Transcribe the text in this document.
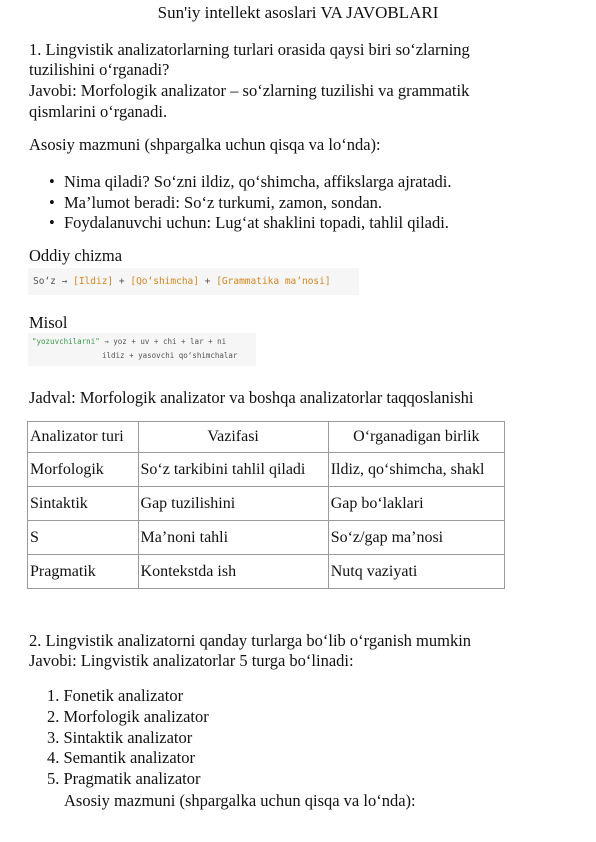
Sun'iy intellekt asoslari VA JAVOBLARI
1. Lingvistik analizatorlarning turlari orasida qaysi biri so‘zlarning
tuzilishini o‘rganadi?
Javobi: Morfologik analizator – so‘zlarning tuzilishi va grammatik
qismlarini o‘rganadi.
Asosiy mazmuni (shpargalka uchun qisqa va lo‘nda):
• Nima qiladi? So‘zni ildiz, qo‘shimcha, affikslarga ajratadi.
• Ma’lumot beradi: So‘z turkumi, zamon, sondan.
• Foydalanuvchi uchun: Lug‘at shaklini topadi, tahlil qiladi.
Oddiy chizma
So‘z → [Ildiz] + [Qo‘shimcha] + [Grammatika ma’nosi]
Misol
"yozuvchilarni" → yoz + uv + chi + lar + ni
ildiz + yasovchi qo‘shimchalar
Jadval: Morfologik analizator va boshqa analizatorlar taqqoslanishi
Analizator turi	Vazifasi	O‘rganadigan birlik
Morfologik	So‘z tarkibini tahlil qiladi	Ildiz, qo‘shimcha, shakl
Sintaktik	Gap tuzilishini	Gap bo‘laklari
S	Ma’noni tahli	So‘z/gap ma’nosi
Pragmatik	Kontekstda ish	Nutq vaziyati
2. Lingvistik analizatorni qanday turlarga bo‘lib o‘rganish mumkin
Javobi: Lingvistik analizatorlar 5 turga bo‘linadi:
1. Fonetik analizator
2. Morfologik analizator
3. Sintaktik analizator
4. Semantik analizator
5. Pragmatik analizator
Asosiy mazmuni (shpargalka uchun qisqa va lo‘nda):
